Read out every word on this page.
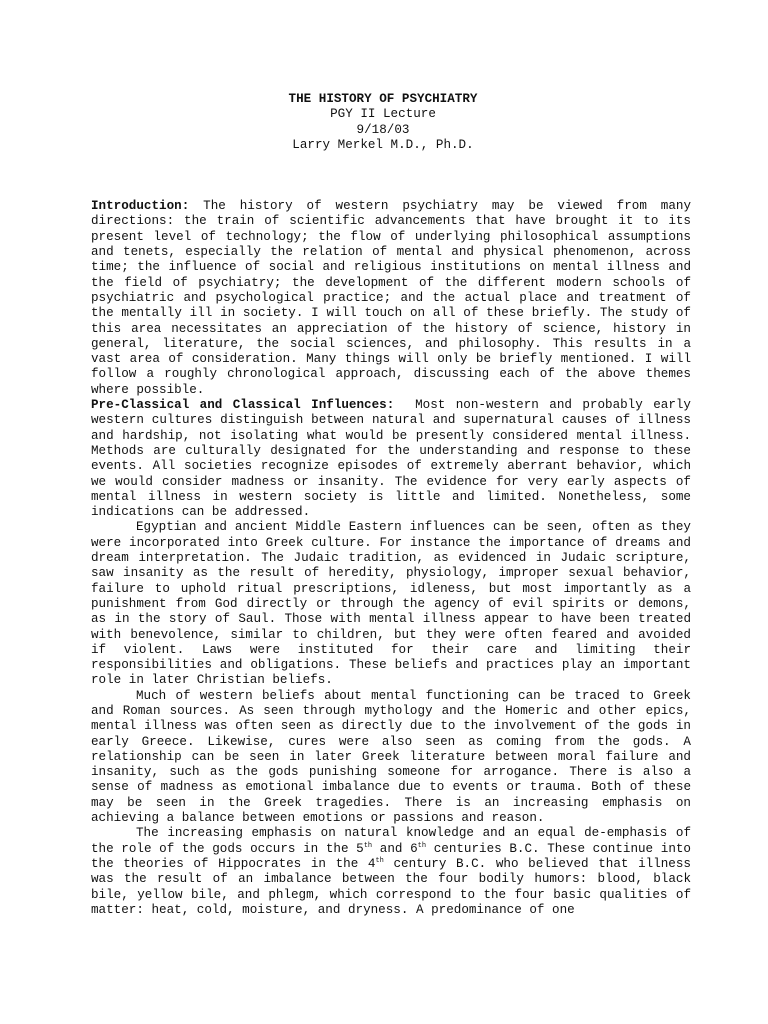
THE HISTORY OF PSYCHIATRY
PGY II Lecture
9/18/03
Larry Merkel M.D., Ph.D.

Introduction: The history of western psychiatry may be viewed from many directions: the train of scientific advancements that have brought it to its present level of technology; the flow of underlying philosophical assumptions and tenets, especially the relation of mental and physical phenomenon, across time; the influence of social and religious institutions on mental illness and the field of psychiatry; the development of the different modern schools of psychiatric and psychological practice; and the actual place and treatment of the mentally ill in society. I will touch on all of these briefly. The study of this area necessitates an appreciation of the history of science, history in general, literature, the social sciences, and philosophy. This results in a vast area of consideration. Many things will only be briefly mentioned. I will follow a roughly chronological approach, discussing each of the above themes where possible.

Pre-Classical and Classical Influences: Most non-western and probably early western cultures distinguish between natural and supernatural causes of illness and hardship, not isolating what would be presently considered mental illness. Methods are culturally designated for the understanding and response to these events. All societies recognize episodes of extremely aberrant behavior, which we would consider madness or insanity. The evidence for very early aspects of mental illness in western society is little and limited. Nonetheless, some indications can be addressed.

Egyptian and ancient Middle Eastern influences can be seen, often as they were incorporated into Greek culture. For instance the importance of dreams and dream interpretation. The Judaic tradition, as evidenced in Judaic scripture, saw insanity as the result of heredity, physiology, improper sexual behavior, failure to uphold ritual prescriptions, idleness, but most importantly as a punishment from God directly or through the agency of evil spirits or demons, as in the story of Saul. Those with mental illness appear to have been treated with benevolence, similar to children, but they were often feared and avoided if violent. Laws were instituted for their care and limiting their responsibilities and obligations. These beliefs and practices play an important role in later Christian beliefs.

Much of western beliefs about mental functioning can be traced to Greek and Roman sources. As seen through mythology and the Homeric and other epics, mental illness was often seen as directly due to the involvement of the gods in early Greece. Likewise, cures were also seen as coming from the gods. A relationship can be seen in later Greek literature between moral failure and insanity, such as the gods punishing someone for arrogance. There is also a sense of madness as emotional imbalance due to events or trauma. Both of these may be seen in the Greek tragedies. There is an increasing emphasis on achieving a balance between emotions or passions and reason.

The increasing emphasis on natural knowledge and an equal de-emphasis of the role of the gods occurs in the 5th and 6th centuries B.C. These continue into the theories of Hippocrates in the 4th century B.C. who believed that illness was the result of an imbalance between the four bodily humors: blood, black bile, yellow bile, and phlegm, which correspond to the four basic qualities of matter: heat, cold, moisture, and dryness. A predominance of one
